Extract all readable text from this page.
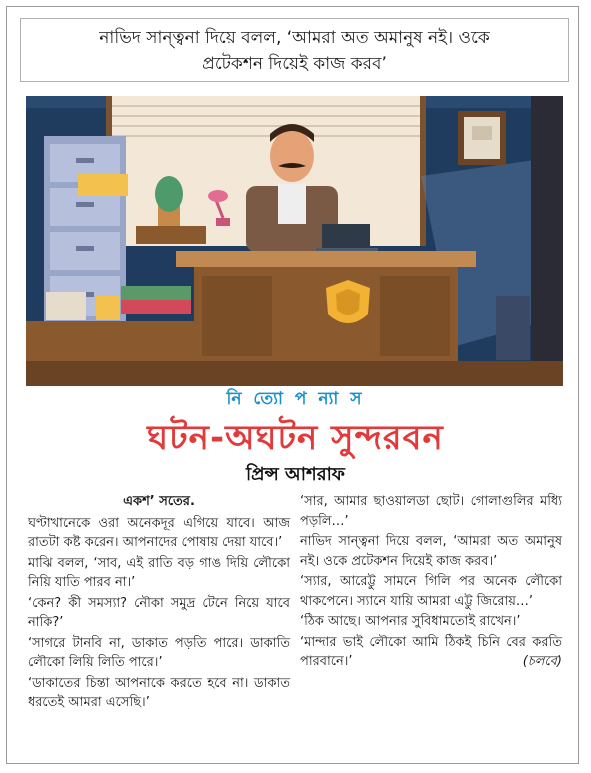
নাভিদ সান্ত্বনা দিয়ে বলল, ‘আমরা অত অমানুষ নই। ওকে
প্রটেকশন দিয়েই কাজ করব’
নি ত্যো প ন্যা স
ঘটন-অঘটন সুন্দরবন
প্রিন্স আশরাফ

একশ’ সতের.

ঘণ্টাখানেকে ওরা অনেকদূর এগিয়ে যাবে। আজ রাতটা কষ্ট করেন। আপনাদের পোষায় দেয়া যাবে।’

মাঝি বলল, ‘সাব, এই রাতি বড় গাঙ দিয়ি লৌকো নিয়ি যাতি পারব না।’

‘কেন? কী সমস্যা? নৌকা সমুদ্র টেনে নিয়ে যাবে নাকি?’

‘সাগরে টানবি না, ডাকাত পড়তি পারে। ডাকাতি লৌকো লিয়ি লিতি পারে।’

‘ডাকাতের চিন্তা আপনাকে করতে হবে না। ডাকাত ধরতেই আমরা এসেছি।’

‘সার, আমার ছাওয়ালডা ছোট। গোলাগুলির মধ্যি পড়লি…’

নাভিদ সান্ত্বনা দিয়ে বলল, ‘আমরা অত অমানুষ নই। ওকে প্রটেকশন দিয়েই কাজ করব।’

‘স্যার, আরেট্টু সামনে গিলি পর অনেক লৌকো থাকপেনে। স্যানে যায়ি আমরা এট্টু জিরোয়…’

‘ঠিক আছে। আপনার সুবিধামতোই রাখেন।’

‘মান্দার ভাই লৌকো আমি ঠিকই চিনি বের করতি পারবানে।’	(চলবে)
